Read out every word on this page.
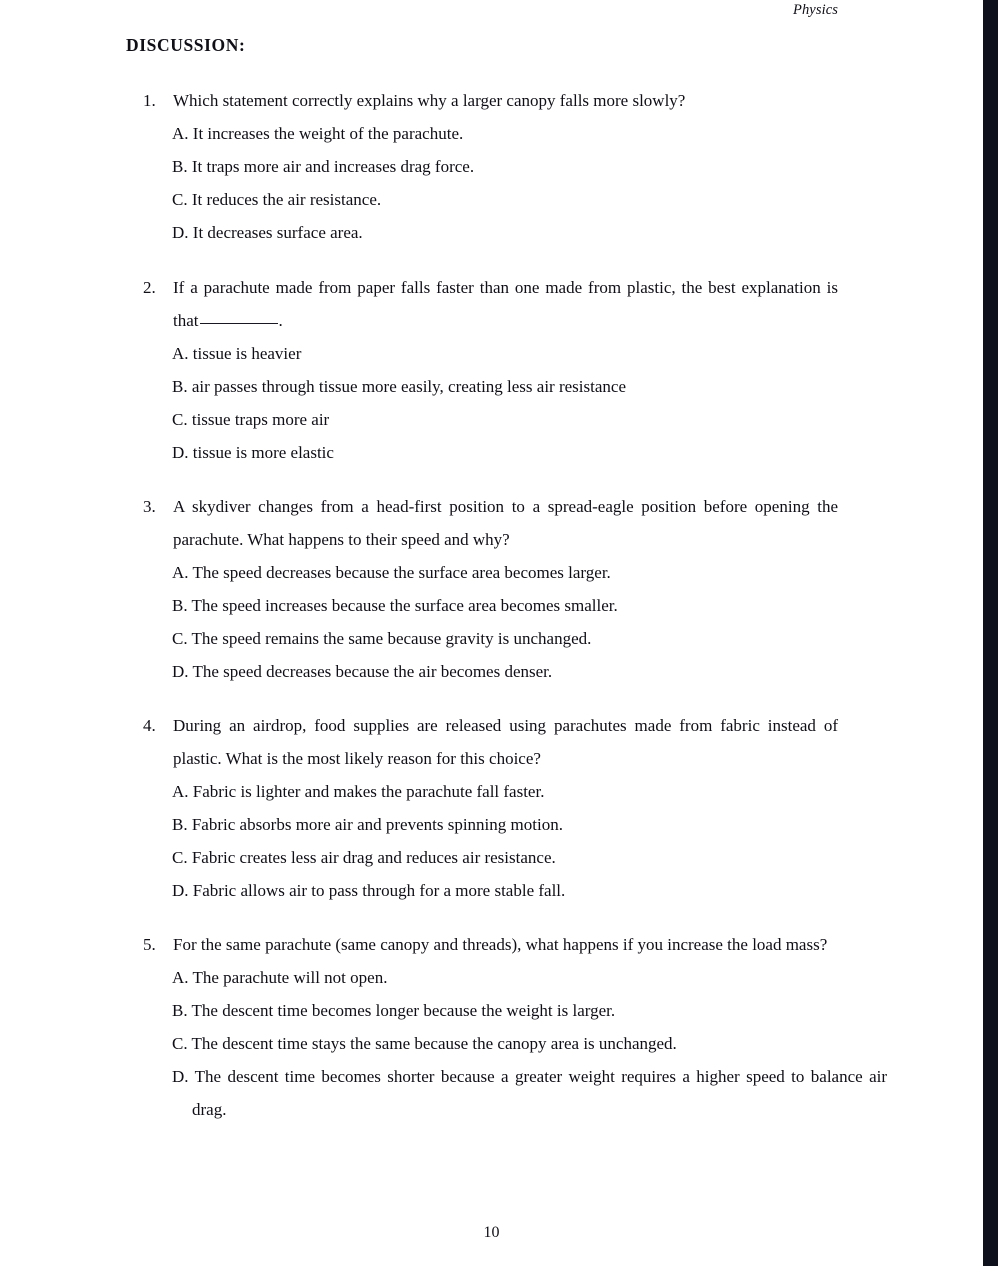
Physics
DISCUSSION:
1.	Which statement correctly explains why a larger canopy falls more slowly?
A. It increases the weight of the parachute.
B. It traps more air and increases drag force.
C. It reduces the air resistance.
D. It decreases surface area.
2.	If a parachute made from paper falls faster than one made from plastic, the best explanation is that	.
A. tissue is heavier
B. air passes through tissue more easily, creating less air resistance
C. tissue traps more air
D. tissue is more elastic
3.	A skydiver changes from a head-first position to a spread-eagle position before opening the parachute. What happens to their speed and why?
A. The speed decreases because the surface area becomes larger.
B. The speed increases because the surface area becomes smaller.
C. The speed remains the same because gravity is unchanged.
D. The speed decreases because the air becomes denser.
4.	During an airdrop, food supplies are released using parachutes made from fabric instead of plastic. What is the most likely reason for this choice?
A. Fabric is lighter and makes the parachute fall faster.
B. Fabric absorbs more air and prevents spinning motion.
C. Fabric creates less air drag and reduces air resistance.
D. Fabric allows air to pass through for a more stable fall.
5.	For the same parachute (same canopy and threads), what happens if you increase the load mass?
A. The parachute will not open.
B. The descent time becomes longer because the weight is larger.
C. The descent time stays the same because the canopy area is unchanged.
D. The descent time becomes shorter because a greater weight requires a higher speed to balance air drag.
10
